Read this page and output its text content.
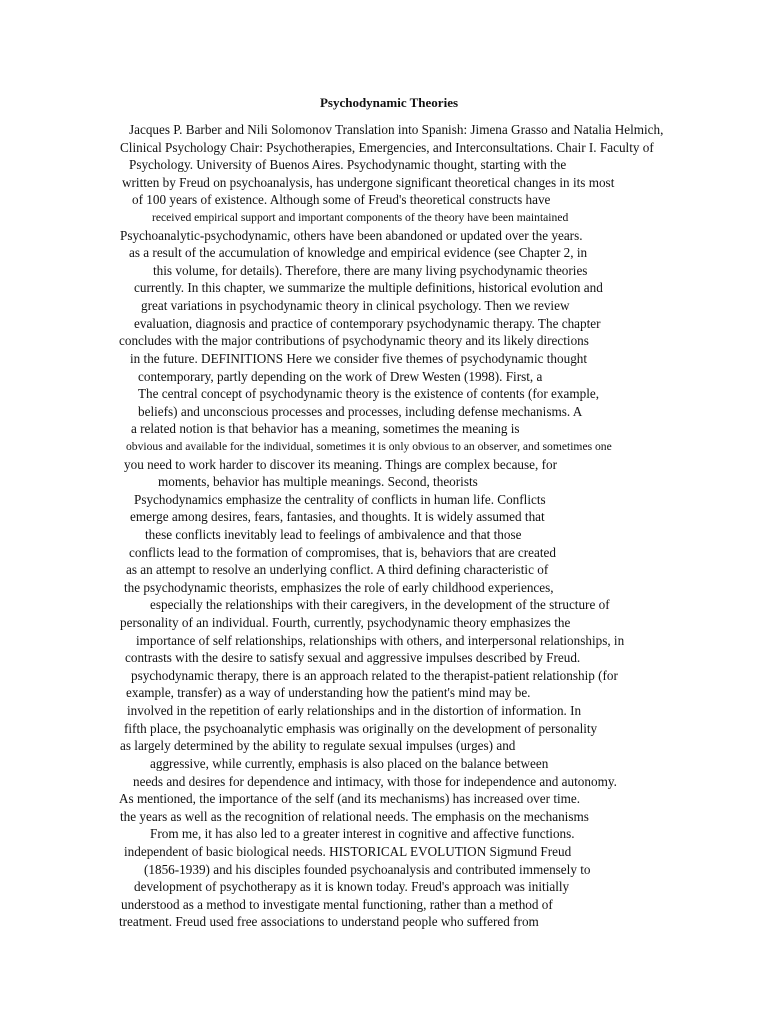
Psychodynamic Theories
Jacques P. Barber and Nili Solomonov Translation into Spanish: Jimena Grasso and Natalia Helmich,
Clinical Psychology Chair: Psychotherapies, Emergencies, and Interconsultations. Chair I. Faculty of
Psychology. University of Buenos Aires. Psychodynamic thought, starting with the
written by Freud on psychoanalysis, has undergone significant theoretical changes in its most
of 100 years of existence. Although some of Freud's theoretical constructs have
received empirical support and important components of the theory have been maintained
Psychoanalytic-psychodynamic, others have been abandoned or updated over the years.
as a result of the accumulation of knowledge and empirical evidence (see Chapter 2, in
this volume, for details). Therefore, there are many living psychodynamic theories
currently. In this chapter, we summarize the multiple definitions, historical evolution and
great variations in psychodynamic theory in clinical psychology. Then we review
evaluation, diagnosis and practice of contemporary psychodynamic therapy. The chapter
concludes with the major contributions of psychodynamic theory and its likely directions
in the future. DEFINITIONS Here we consider five themes of psychodynamic thought
contemporary, partly depending on the work of Drew Westen (1998). First, a
The central concept of psychodynamic theory is the existence of contents (for example,
beliefs) and unconscious processes and processes, including defense mechanisms. A
a related notion is that behavior has a meaning, sometimes the meaning is
obvious and available for the individual, sometimes it is only obvious to an observer, and sometimes one
you need to work harder to discover its meaning. Things are complex because, for
moments, behavior has multiple meanings. Second, theorists
Psychodynamics emphasize the centrality of conflicts in human life. Conflicts
emerge among desires, fears, fantasies, and thoughts. It is widely assumed that
these conflicts inevitably lead to feelings of ambivalence and that those
conflicts lead to the formation of compromises, that is, behaviors that are created
as an attempt to resolve an underlying conflict. A third defining characteristic of
the psychodynamic theorists, emphasizes the role of early childhood experiences,
especially the relationships with their caregivers, in the development of the structure of
personality of an individual. Fourth, currently, psychodynamic theory emphasizes the
importance of self relationships, relationships with others, and interpersonal relationships, in
contrasts with the desire to satisfy sexual and aggressive impulses described by Freud.
psychodynamic therapy, there is an approach related to the therapist-patient relationship (for
example, transfer) as a way of understanding how the patient's mind may be.
involved in the repetition of early relationships and in the distortion of information. In
fifth place, the psychoanalytic emphasis was originally on the development of personality
as largely determined by the ability to regulate sexual impulses (urges) and
aggressive, while currently, emphasis is also placed on the balance between
needs and desires for dependence and intimacy, with those for independence and autonomy.
As mentioned, the importance of the self (and its mechanisms) has increased over time.
the years as well as the recognition of relational needs. The emphasis on the mechanisms
From me, it has also led to a greater interest in cognitive and affective functions.
independent of basic biological needs. HISTORICAL EVOLUTION Sigmund Freud
(1856-1939) and his disciples founded psychoanalysis and contributed immensely to
development of psychotherapy as it is known today. Freud's approach was initially
understood as a method to investigate mental functioning, rather than a method of
treatment. Freud used free associations to understand people who suffered from
